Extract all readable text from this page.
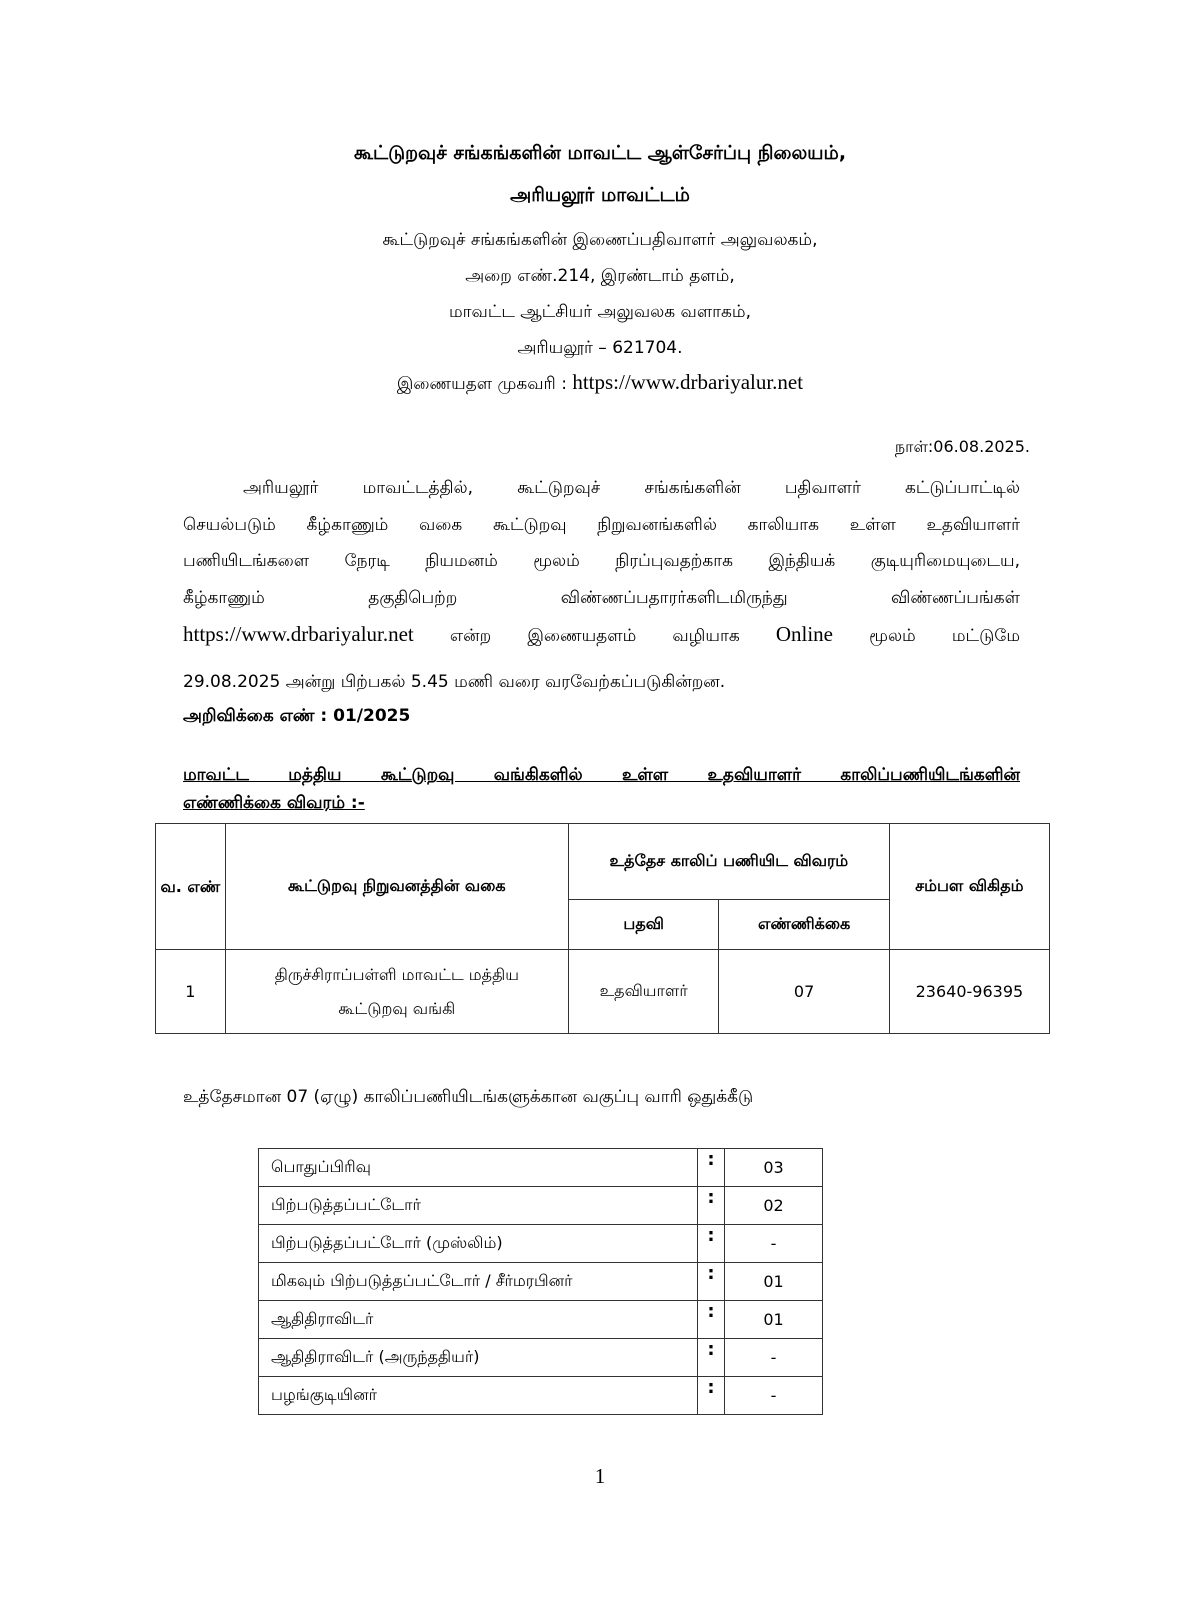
கூட்டுறவுச் சங்கங்களின் மாவட்ட ஆள்சேர்ப்பு நிலையம்,
அரியலூர் மாவட்டம்
கூட்டுறவுச் சங்கங்களின் இணைப்பதிவாளர் அலுவலகம்,
அறை எண்.214, இரண்டாம் தளம்,
மாவட்ட ஆட்சியர் அலுவலக வளாகம்,
அரியலூர் – 621704.
இணையதள முகவரி : https://www.drbariyalur.net
நாள்:06.08.2025.
அரியலூர் மாவட்டத்தில், கூட்டுறவுச் சங்கங்களின் பதிவாளர் கட்டுப்பாட்டில்
செயல்படும் கீழ்காணும் வகை கூட்டுறவு நிறுவனங்களில் காலியாக உள்ள உதவியாளர்
பணியிடங்களை நேரடி நியமனம் மூலம் நிரப்புவதற்காக இந்தியக் குடியுரிமையுடைய,
கீழ்காணும் தகுதிபெற்ற விண்ணப்பதாரர்களிடமிருந்து விண்ணப்பங்கள்
https://www.drbariyalur.net என்ற இணையதளம் வழியாக Online மூலம் மட்டுமே
29.08.2025 அன்று பிற்பகல் 5.45 மணி வரை வரவேற்கப்படுகின்றன.
அறிவிக்கை எண் : 01/2025
மாவட்ட மத்திய கூட்டுறவு வங்கிகளில் உள்ள உதவியாளர் காலிப்பணியிடங்களின்
எண்ணிக்கை விவரம் :-
வ. எண்	கூட்டுறவு நிறுவனத்தின் வகை	உத்தேச காலிப் பணியிட விவரம்		சம்பள விகிதம்
		பதவி	எண்ணிக்கை	
1	திருச்சிராப்பள்ளி மாவட்ட மத்திய
கூட்டுறவு வங்கி	உதவியாளர்	07	23640-96395
உத்தேசமான 07 (ஏழு) காலிப்பணியிடங்களுக்கான வகுப்பு வாரி ஒதுக்கீடு
பொதுப்பிரிவு	:	03
பிற்படுத்தப்பட்டோர்	:	02
பிற்படுத்தப்பட்டோர் (முஸ்லிம்)	:	-
மிகவும் பிற்படுத்தப்பட்டோர் / சீர்மரபினர்	:	01
ஆதிதிராவிடர்	:	01
ஆதிதிராவிடர் (அருந்ததியர்)	:	-
பழங்குடியினர்	:	-
1
